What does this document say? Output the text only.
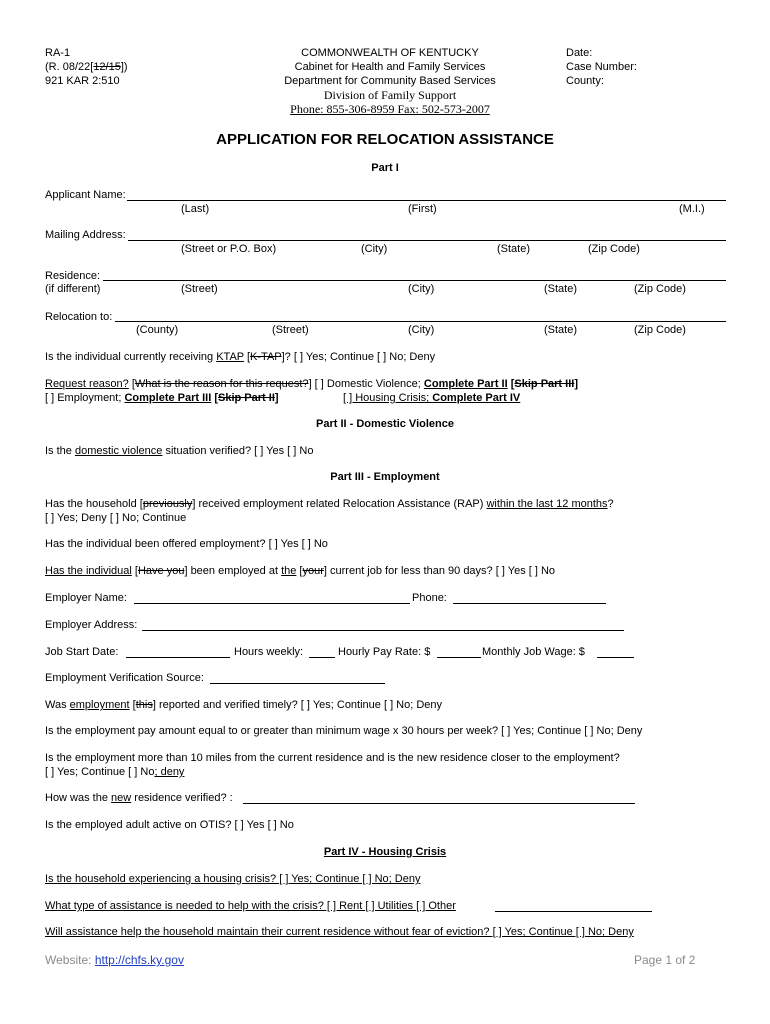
RA-1
(R. 08/22[12/15])
921 KAR 2:510
COMMONWEALTH OF KENTUCKY
Cabinet for Health and Family Services
Department for Community Based Services
Division of Family Support
Phone: 855-306-8959 Fax: 502-573-2007
Date:
Case Number:
County:
APPLICATION FOR RELOCATION ASSISTANCE
Part I
Applicant Name:
(Last)	(First)	(M.I.)
Mailing Address:
(Street or P.O. Box)	(City)	(State)	(Zip Code)
Residence:
(if different)	(Street)	(City)	(State)	(Zip Code)
Relocation to:
(County)	(Street)	(City)	(State)	(Zip Code)
Is the individual currently receiving KTAP [K-TAP]? [ ] Yes; Continue [ ] No; Deny
Request reason? [What is the reason for this request?] [ ] Domestic Violence; Complete Part II [Skip Part III]
[ ] Employment; Complete Part III [Skip Part II]	[ ] Housing Crisis; Complete Part IV
Part II - Domestic Violence
Is the domestic violence situation verified? [ ] Yes [ ] No
Part III - Employment
Has the household [previously] received employment related Relocation Assistance (RAP) within the last 12 months?
[ ] Yes; Deny [ ] No; Continue
Has the individual been offered employment? [ ] Yes [ ] No
Has the individual [Have you] been employed at the [your] current job for less than 90 days? [ ] Yes [ ] No
Employer Name:	Phone:
Employer Address:
Job Start Date:	Hours weekly:	Hourly Pay Rate: $	Monthly Job Wage: $
Employment Verification Source:
Was employment [this] reported and verified timely? [ ] Yes; Continue [ ] No; Deny
Is the employment pay amount equal to or greater than minimum wage x 30 hours per week? [ ] Yes; Continue [ ] No; Deny
Is the employment more than 10 miles from the current residence and is the new residence closer to the employment?
[ ] Yes; Continue [ ] No; deny
How was the new residence verified? :
Is the employed adult active on OTIS? [ ] Yes [ ] No
Part IV - Housing Crisis
Is the household experiencing a housing crisis? [ ] Yes; Continue [ ] No; Deny
What type of assistance is needed to help with the crisis? [ ] Rent [ ] Utilities [ ] Other
Will assistance help the household maintain their current residence without fear of eviction? [ ] Yes; Continue [ ] No; Deny
Website: http://chfs.ky.gov	Page 1 of 2
